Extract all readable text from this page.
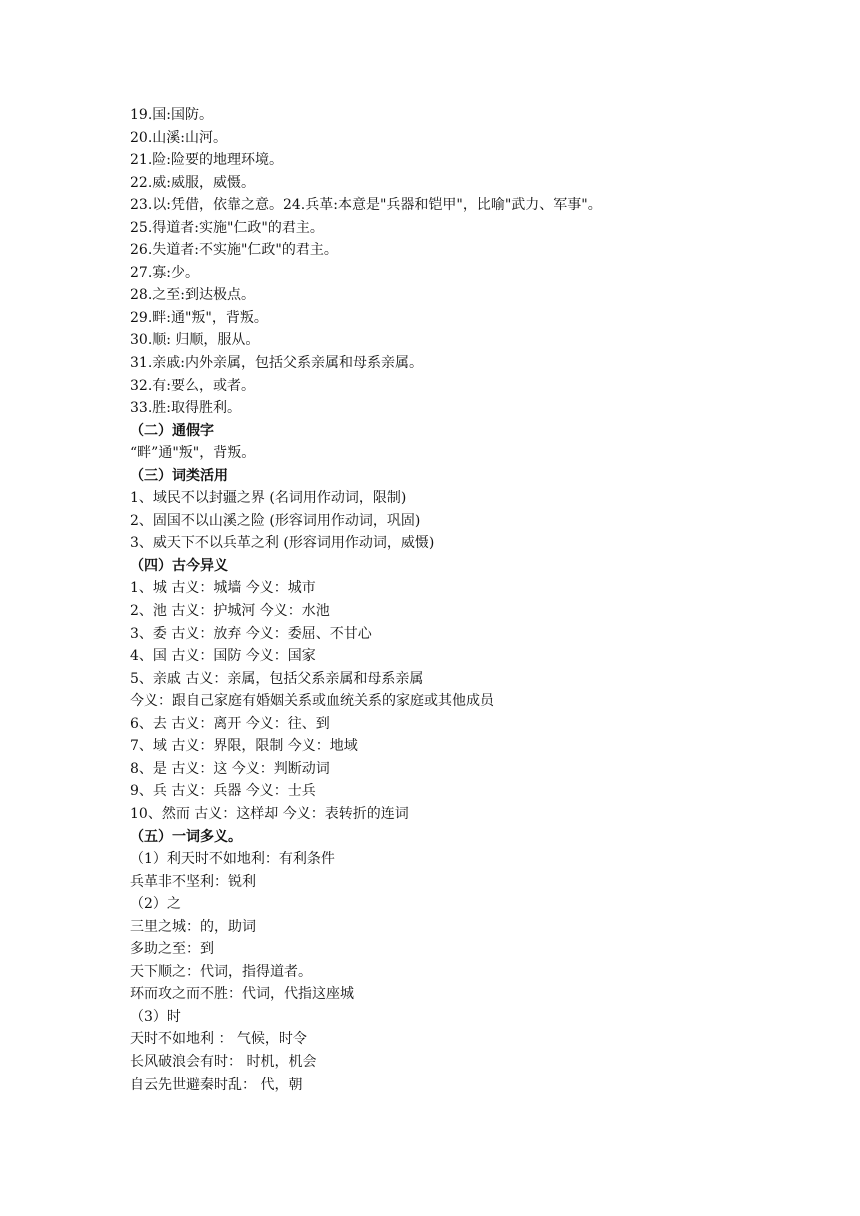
19.国:国防。
20.山溪:山河。
21.险:险要的地理环境。
22.威:威服，威慑。
23.以:凭借，依靠之意。24.兵革:本意是"兵器和铠甲"，比喻"武力、军事"。
25.得道者:实施"仁政"的君主。
26.失道者:不实施"仁政"的君主。
27.寡:少。
28.之至:到达极点。
29.畔:通"叛"，背叛。
30.顺: 归顺，服从。
31.亲戚:内外亲属，包括父系亲属和母系亲属。
32.有:要么，或者。
33.胜:取得胜利。
（二）通假字
“畔”通"叛"，背叛。
（三）词类活用
1、域民不以封疆之界 (名词用作动词，限制)
2、固国不以山溪之险 (形容词用作动词，巩固)
3、威天下不以兵革之利 (形容词用作动词，威慑)
（四）古今异义
1、城 古义：城墙 今义：城市
2、池 古义：护城河 今义：水池
3、委 古义：放弃 今义：委屈、不甘心
4、国 古义：国防 今义：国家
5、亲戚 古义：亲属，包括父系亲属和母系亲属
今义：跟自己家庭有婚姻关系或血统关系的家庭或其他成员
6、去 古义：离开 今义：往、到
7、域 古义：界限，限制 今义：地域
8、是 古义：这 今义：判断动词
9、兵 古义：兵器 今义：士兵
10、然而 古义：这样却 今义：表转折的连词
（五）一词多义。
（1）利天时不如地利：有利条件
兵革非不坚利：锐利
（2）之
三里之城：的，助词
多助之至：到
天下顺之：代词，指得道者。
环而攻之而不胜：代词，代指这座城
（3）时
天时不如地利 ： 气候，时令
长风破浪会有时： 时机，机会
自云先世避秦时乱： 代，朝
